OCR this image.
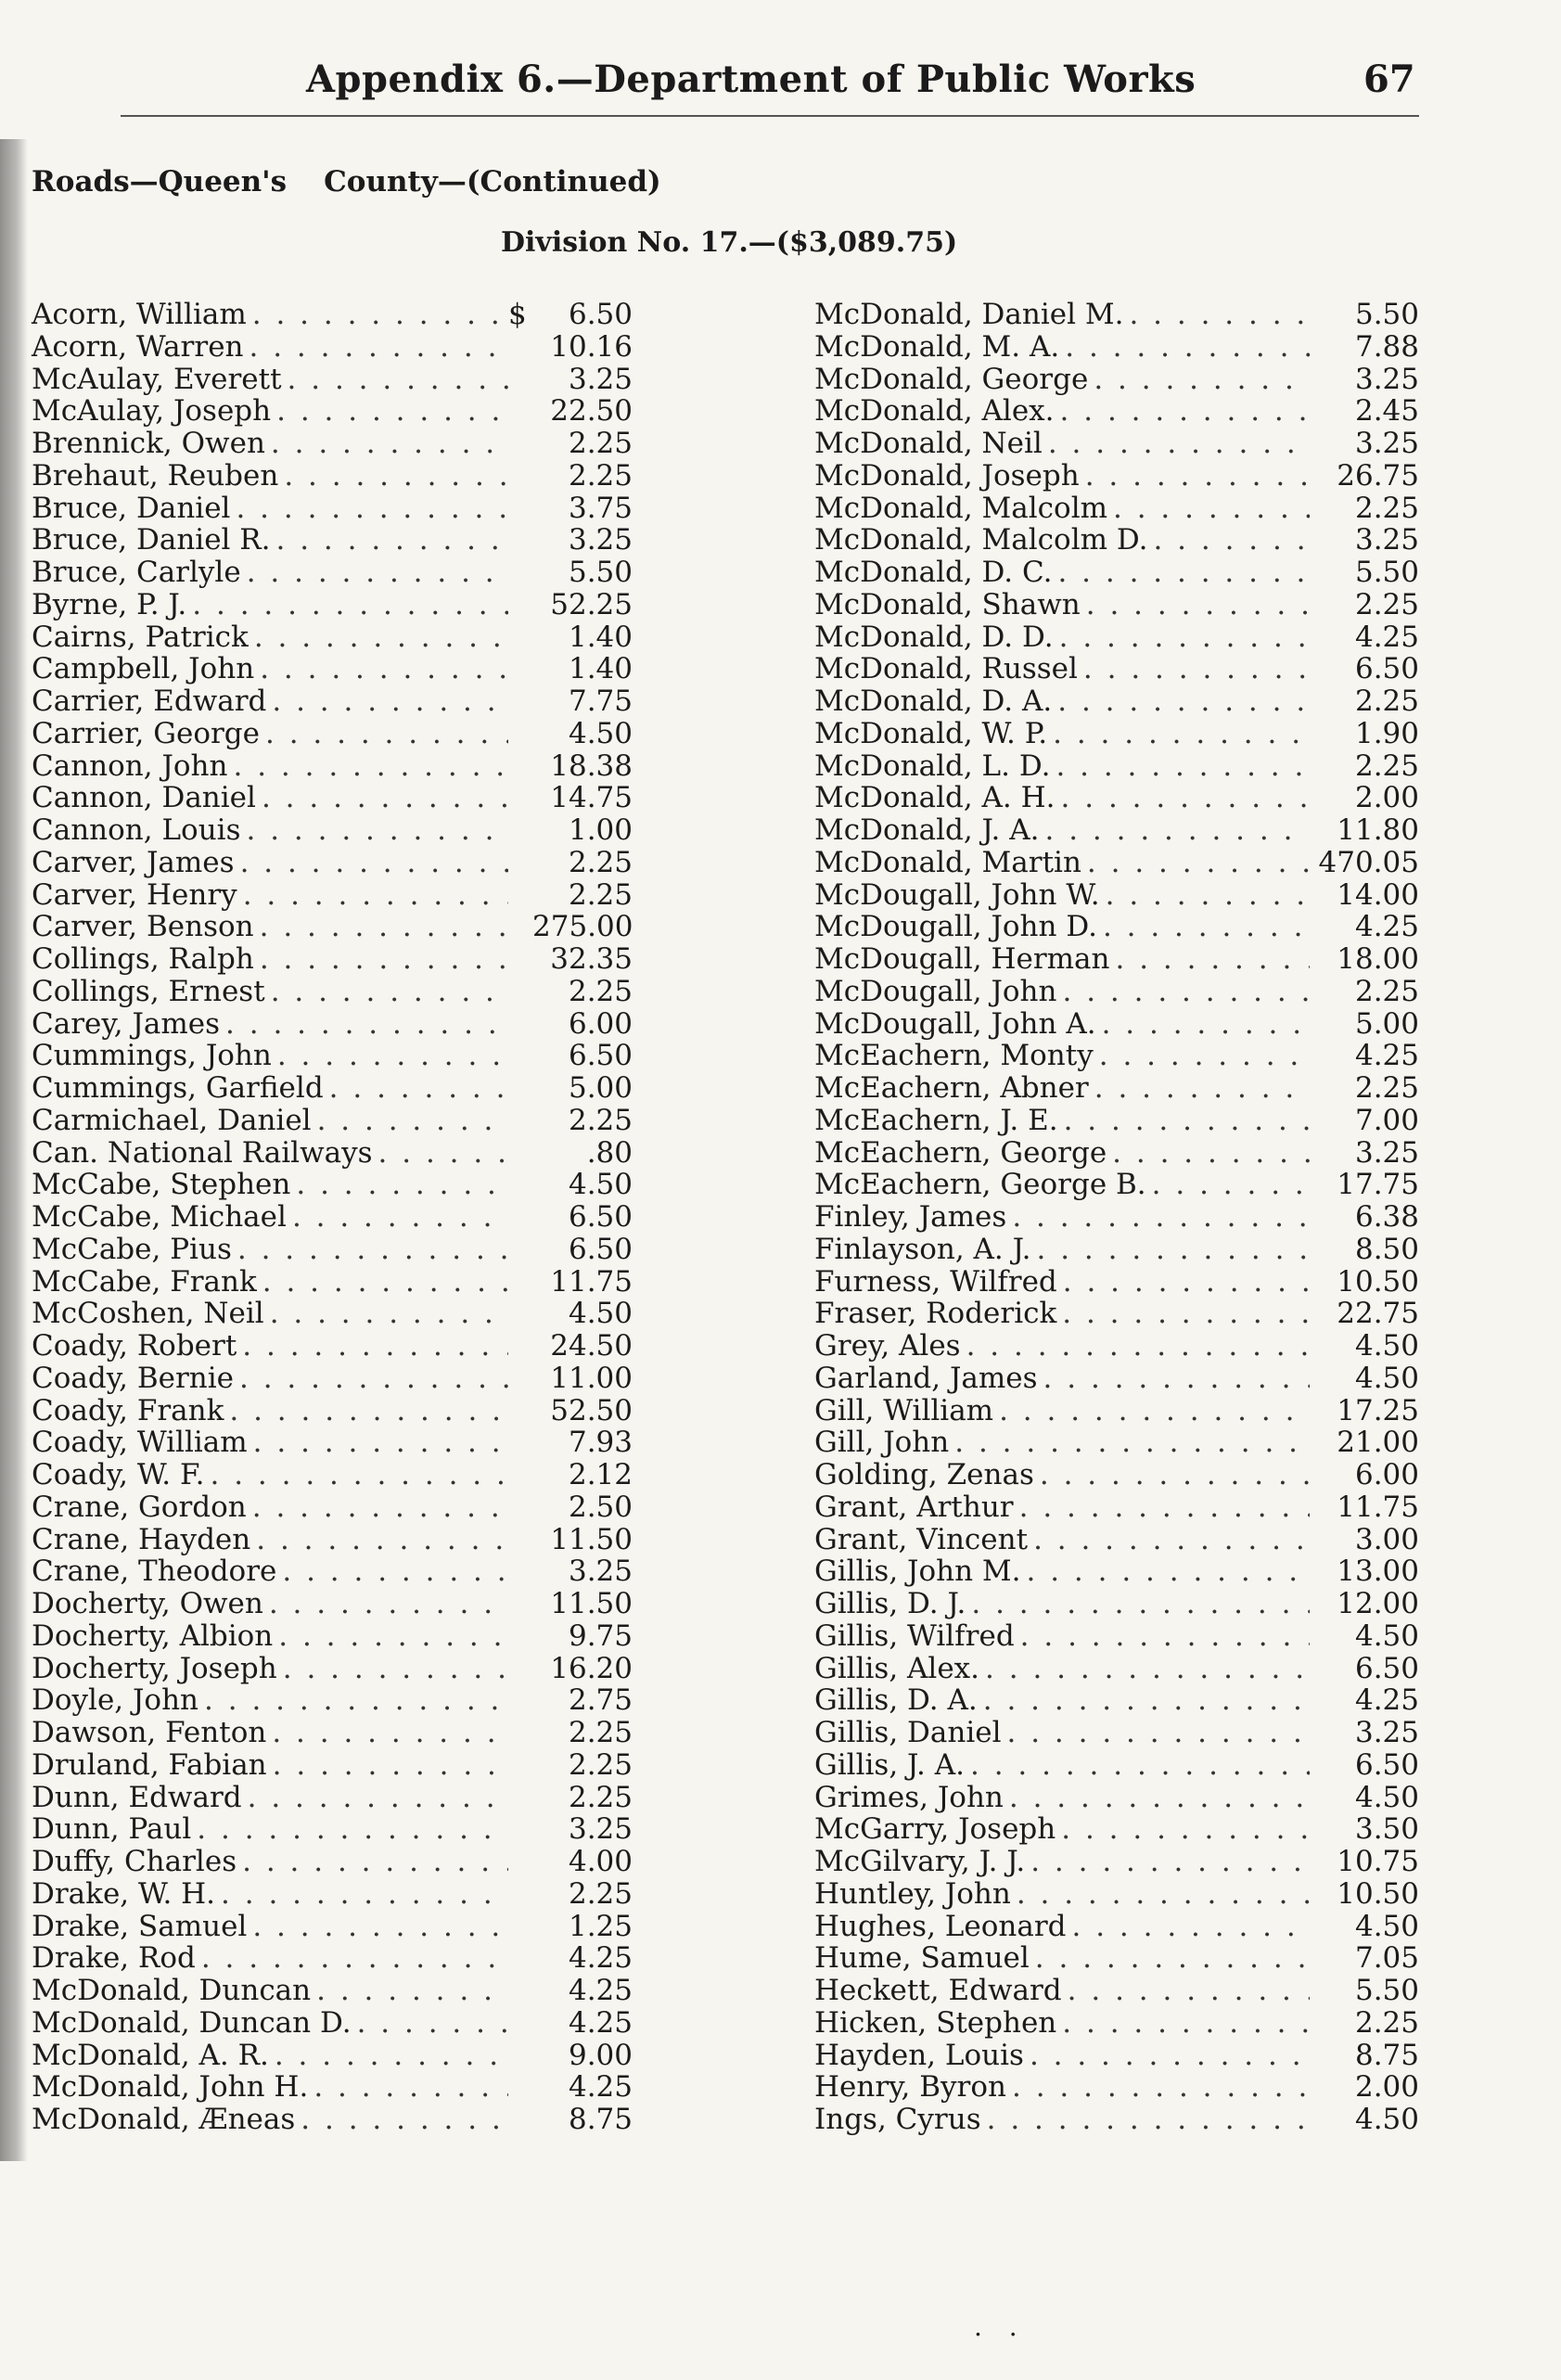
Appendix 6.—Department of Public Works	67
Roads—Queen's County—(Continued)
Division No. 17.—($3,089.75)
Acorn, William . . .	$	6.50
Acorn, Warren . . .	10.16
McAulay, Everett . . .	3.25
McAulay, Joseph . . .	22.50
Brennick, Owen . . .	2.25
Brehaut, Reuben . . .	2.25
Bruce, Daniel . . .	3.75
Bruce, Daniel R. . . .	3.25
Bruce, Carlyle . . .	5.50
Byrne, P. J. . . .	52.25
Cairns, Patrick . . .	1.40
Campbell, John . . .	1.40
Carrier, Edward . . .	7.75
Carrier, George . . .	4.50
Cannon, John . . .	18.38
Cannon, Daniel . . .	14.75
Cannon, Louis . . .	1.00
Carver, James . . .	2.25
Carver, Henry . . .	2.25
Carver, Benson . . .	275.00
Collings, Ralph . . .	32.35
Collings, Ernest . . .	2.25
Carey, James . . .	6.00
Cummings, John . . .	6.50
Cummings, Garfield . . .	5.00
Carmichael, Daniel . . .	2.25
Can. National Railways . . .	.80
McCabe, Stephen . . .	4.50
McCabe, Michael . . .	6.50
McCabe, Pius . . .	6.50
McCabe, Frank . . .	11.75
McCoshen, Neil . . .	4.50
Coady, Robert . . .	24.50
Coady, Bernie . . .	11.00
Coady, Frank . . .	52.50
Coady, William . . .	7.93
Coady, W. F. . . .	2.12
Crane, Gordon . . .	2.50
Crane, Hayden . . .	11.50
Crane, Theodore . . .	3.25
Docherty, Owen . . .	11.50
Docherty, Albion . . .	9.75
Docherty, Joseph . . .	16.20
Doyle, John . . .	2.75
Dawson, Fenton . . .	2.25
Druland, Fabian . . .	2.25
Dunn, Edward . . .	2.25
Dunn, Paul . . .	3.25
Duffy, Charles . . .	4.00
Drake, W. H. . . .	2.25
Drake, Samuel . . .	1.25
Drake, Rod . . .	4.25
McDonald, Duncan . . .	4.25
McDonald, Duncan D. . . .	4.25
McDonald, A. R. . . .	9.00
McDonald, John H. . . .	4.25
McDonald, Æneas . . .	8.75
McDonald, Daniel M. . . .	5.50
McDonald, M. A. . . .	7.88
McDonald, George . . .	3.25
McDonald, Alex. . . .	2.45
McDonald, Neil . . .	3.25
McDonald, Joseph . . .	26.75
McDonald, Malcolm . . .	2.25
McDonald, Malcolm D. . . .	3.25
McDonald, D. C. . . .	5.50
McDonald, Shawn . . .	2.25
McDonald, D. D. . . .	4.25
McDonald, Russel . . .	6.50
McDonald, D. A. . . .	2.25
McDonald, W. P. . . .	1.90
McDonald, L. D. . . .	2.25
McDonald, A. H. . . .	2.00
McDonald, J. A. . . .	11.80
McDonald, Martin . . .	470.05
McDougall, John W. . . .	14.00
McDougall, John D. . . .	4.25
McDougall, Herman . . .	18.00
McDougall, John . . .	2.25
McDougall, John A. . . .	5.00
McEachern, Monty . . .	4.25
McEachern, Abner . . .	2.25
McEachern, J. E. . . .	7.00
McEachern, George . . .	3.25
McEachern, George B. . . .	17.75
Finley, James . . .	6.38
Finlayson, A. J. . . .	8.50
Furness, Wilfred . . .	10.50
Fraser, Roderick . . .	22.75
Grey, Ales . . .	4.50
Garland, James . . .	4.50
Gill, William . . .	17.25
Gill, John . . .	21.00
Golding, Zenas . . .	6.00
Grant, Arthur . . .	11.75
Grant, Vincent . . .	3.00
Gillis, John M. . . .	13.00
Gillis, D. J. . . .	12.00
Gillis, Wilfred . . .	4.50
Gillis, Alex. . . .	6.50
Gillis, D. A. . . .	4.25
Gillis, Daniel . . .	3.25
Gillis, J. A. . . .	6.50
Grimes, John . . .	4.50
McGarry, Joseph . . .	3.50
McGilvary, J. J. . . .	10.75
Huntley, John . . .	10.50
Hughes, Leonard . . .	4.50
Hume, Samuel . . .	7.05
Heckett, Edward . . .	5.50
Hicken, Stephen . . .	2.25
Hayden, Louis . . .	8.75
Henry, Byron . . .	2.00
Ings, Cyrus . . .	4.50
. .
